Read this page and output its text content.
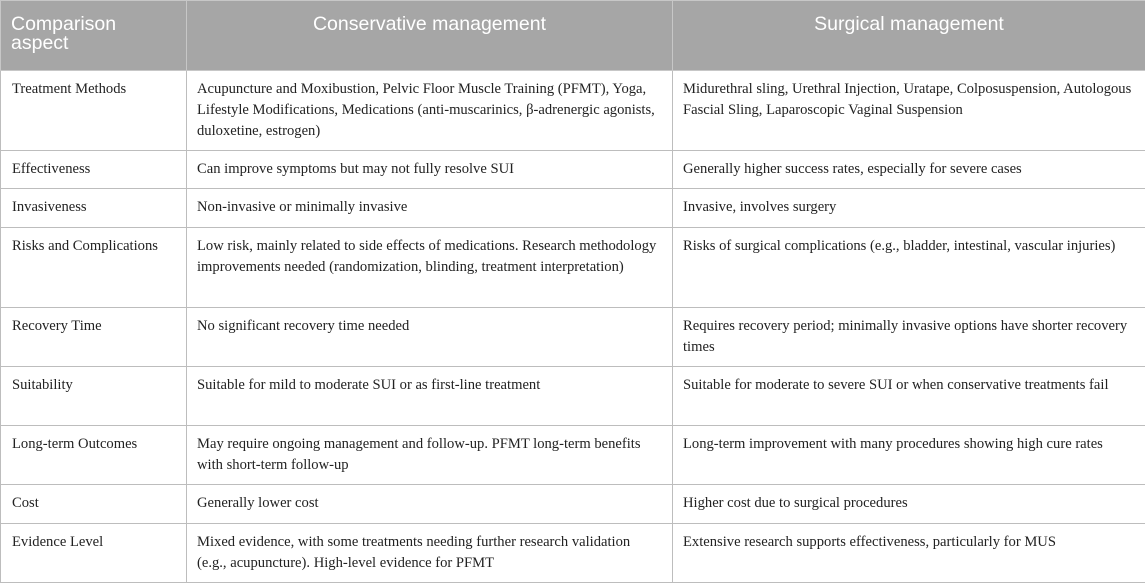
Comparison aspect	Conservative management	Surgical management
Treatment Methods	Acupuncture and Moxibustion, Pelvic Floor Muscle Training (PFMT), Yoga, Lifestyle Modifications, Medications (anti-muscarinics, β-adrenergic agonists, duloxetine, estrogen)	Midurethral sling, Urethral Injection, Uratape, Colposuspension, Autologous Fascial Sling, Laparoscopic Vaginal Suspension
Effectiveness	Can improve symptoms but may not fully resolve SUI	Generally higher success rates, especially for severe cases
Invasiveness	Non-invasive or minimally invasive	Invasive, involves surgery
Risks and Complications	Low risk, mainly related to side effects of medications. Research methodology improvements needed (randomization, blinding, treatment interpretation)	Risks of surgical complications (e.g., bladder, intestinal, vascular injuries)
Recovery Time	No significant recovery time needed	Requires recovery period; minimally invasive options have shorter recovery times
Suitability	Suitable for mild to moderate SUI or as first-line treatment	Suitable for moderate to severe SUI or when conservative treatments fail
Long-term Outcomes	May require ongoing management and follow-up. PFMT long-term benefits with short-term follow-up	Long-term improvement with many procedures showing high cure rates
Cost	Generally lower cost	Higher cost due to surgical procedures
Evidence Level	Mixed evidence, with some treatments needing further research validation (e.g., acupuncture). High-level evidence for PFMT	Extensive research supports effectiveness, particularly for MUS
